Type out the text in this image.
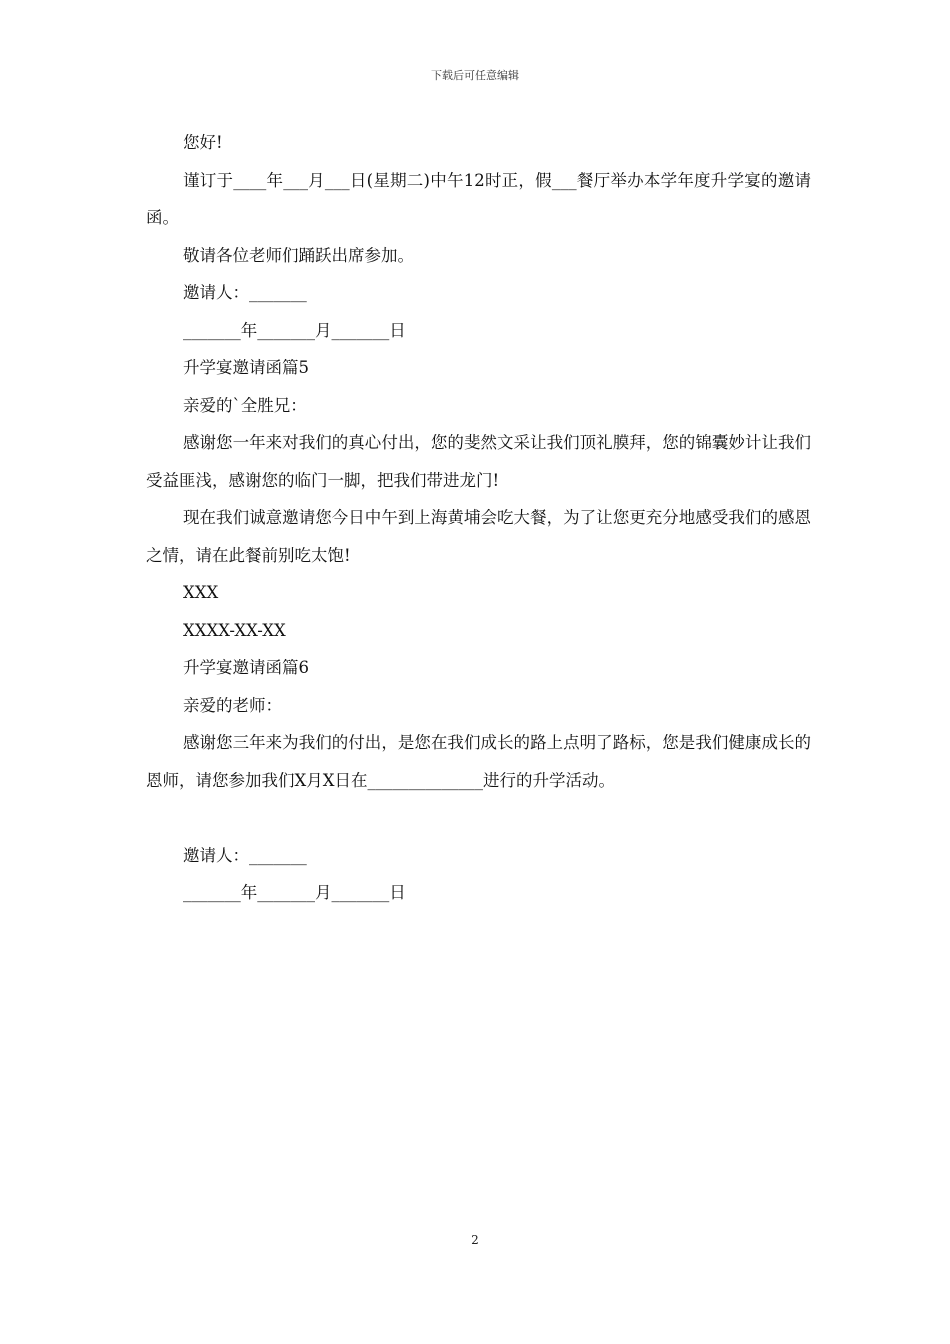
下载后可任意编辑

您好!

谨订于____年___月___日(星期二)中午12时正，假___餐厅举办本学年度升学宴的邀请函。

敬请各位老师们踊跃出席参加。

邀请人：_______

_______年_______月_______日

升学宴邀请函篇5

亲爱的`全胜兄：

感谢您一年来对我们的真心付出，您的斐然文采让我们顶礼膜拜，您的锦囊妙计让我们受益匪浅，感谢您的临门一脚，把我们带进龙门!

现在我们诚意邀请您今日中午到上海黄埔会吃大餐，为了让您更充分地感受我们的感恩之情，请在此餐前别吃太饱!

XXX

XXXX-XX-XX

升学宴邀请函篇6

亲爱的老师：

感谢您三年来为我们的付出，是您在我们成长的路上点明了路标，您是我们健康成长的恩师，请您参加我们X月X日在______________进行的升学活动。

邀请人：_______

_______年_______月_______日

2
